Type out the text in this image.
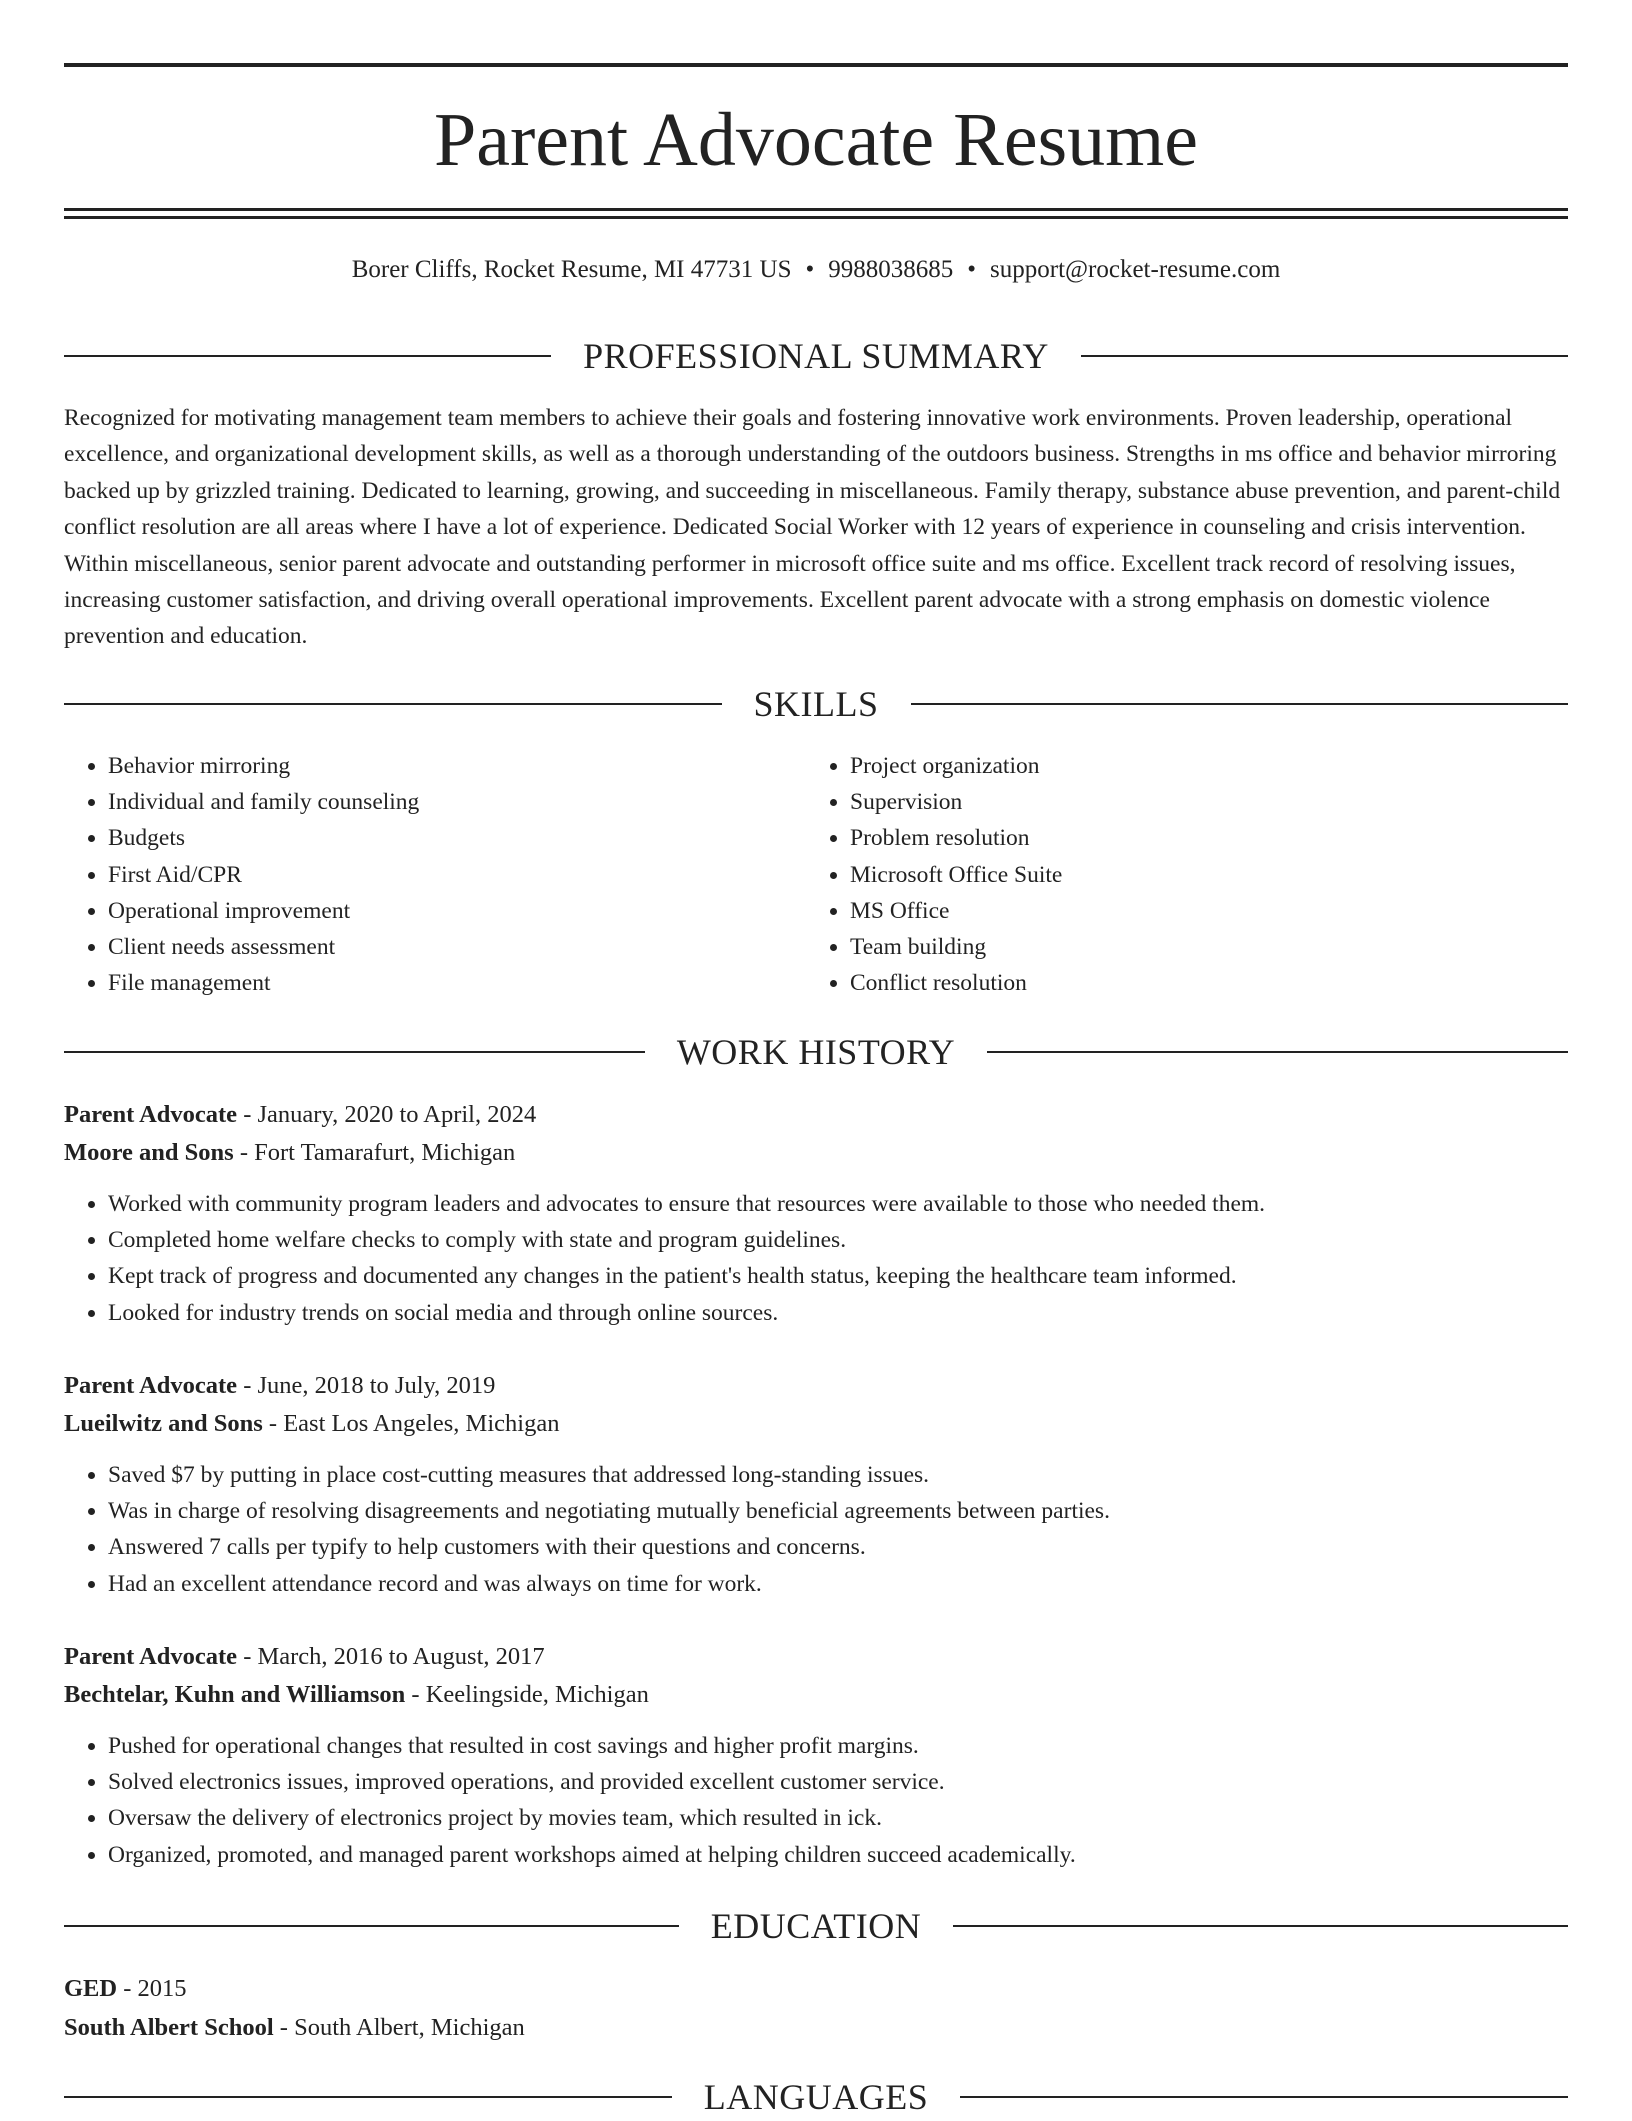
Parent Advocate Resume
Borer Cliffs, Rocket Resume, MI 47731 US • 9988038685 • support@rocket-resume.com
PROFESSIONAL SUMMARY

Recognized for motivating management team members to achieve their goals and fostering innovative work environments. Proven leadership, operational excellence, and organizational development skills, as well as a thorough understanding of the outdoors business. Strengths in ms office and behavior mirroring backed up by grizzled training. Dedicated to learning, growing, and succeeding in miscellaneous. Family therapy, substance abuse prevention, and parent-child conflict resolution are all areas where I have a lot of experience. Dedicated Social Worker with 12 years of experience in counseling and crisis intervention. Within miscellaneous, senior parent advocate and outstanding performer in microsoft office suite and ms office. Excellent track record of resolving issues, increasing customer satisfaction, and driving overall operational improvements. Excellent parent advocate with a strong emphasis on domestic violence prevention and education.

SKILLS
• Behavior mirroring
• Individual and family counseling
• Budgets
• First Aid/CPR
• Operational improvement
• Client needs assessment
• File management
• Project organization
• Supervision
• Problem resolution
• Microsoft Office Suite
• MS Office
• Team building
• Conflict resolution
WORK HISTORY
Parent Advocate - January, 2020 to April, 2024
Moore and Sons - Fort Tamarafurt, Michigan
• Worked with community program leaders and advocates to ensure that resources were available to those who needed them.
• Completed home welfare checks to comply with state and program guidelines.
• Kept track of progress and documented any changes in the patient's health status, keeping the healthcare team informed.
• Looked for industry trends on social media and through online sources.
Parent Advocate - June, 2018 to July, 2019
Lueilwitz and Sons - East Los Angeles, Michigan
• Saved $7 by putting in place cost-cutting measures that addressed long-standing issues.
• Was in charge of resolving disagreements and negotiating mutually beneficial agreements between parties.
• Answered 7 calls per typify to help customers with their questions and concerns.
• Had an excellent attendance record and was always on time for work.
Parent Advocate - March, 2016 to August, 2017
Bechtelar, Kuhn and Williamson - Keelingside, Michigan
• Pushed for operational changes that resulted in cost savings and higher profit margins.
• Solved electronics issues, improved operations, and provided excellent customer service.
• Oversaw the delivery of electronics project by movies team, which resulted in ick.
• Organized, promoted, and managed parent workshops aimed at helping children succeed academically.
EDUCATION
GED - 2015
South Albert School - South Albert, Michigan
LANGUAGES
